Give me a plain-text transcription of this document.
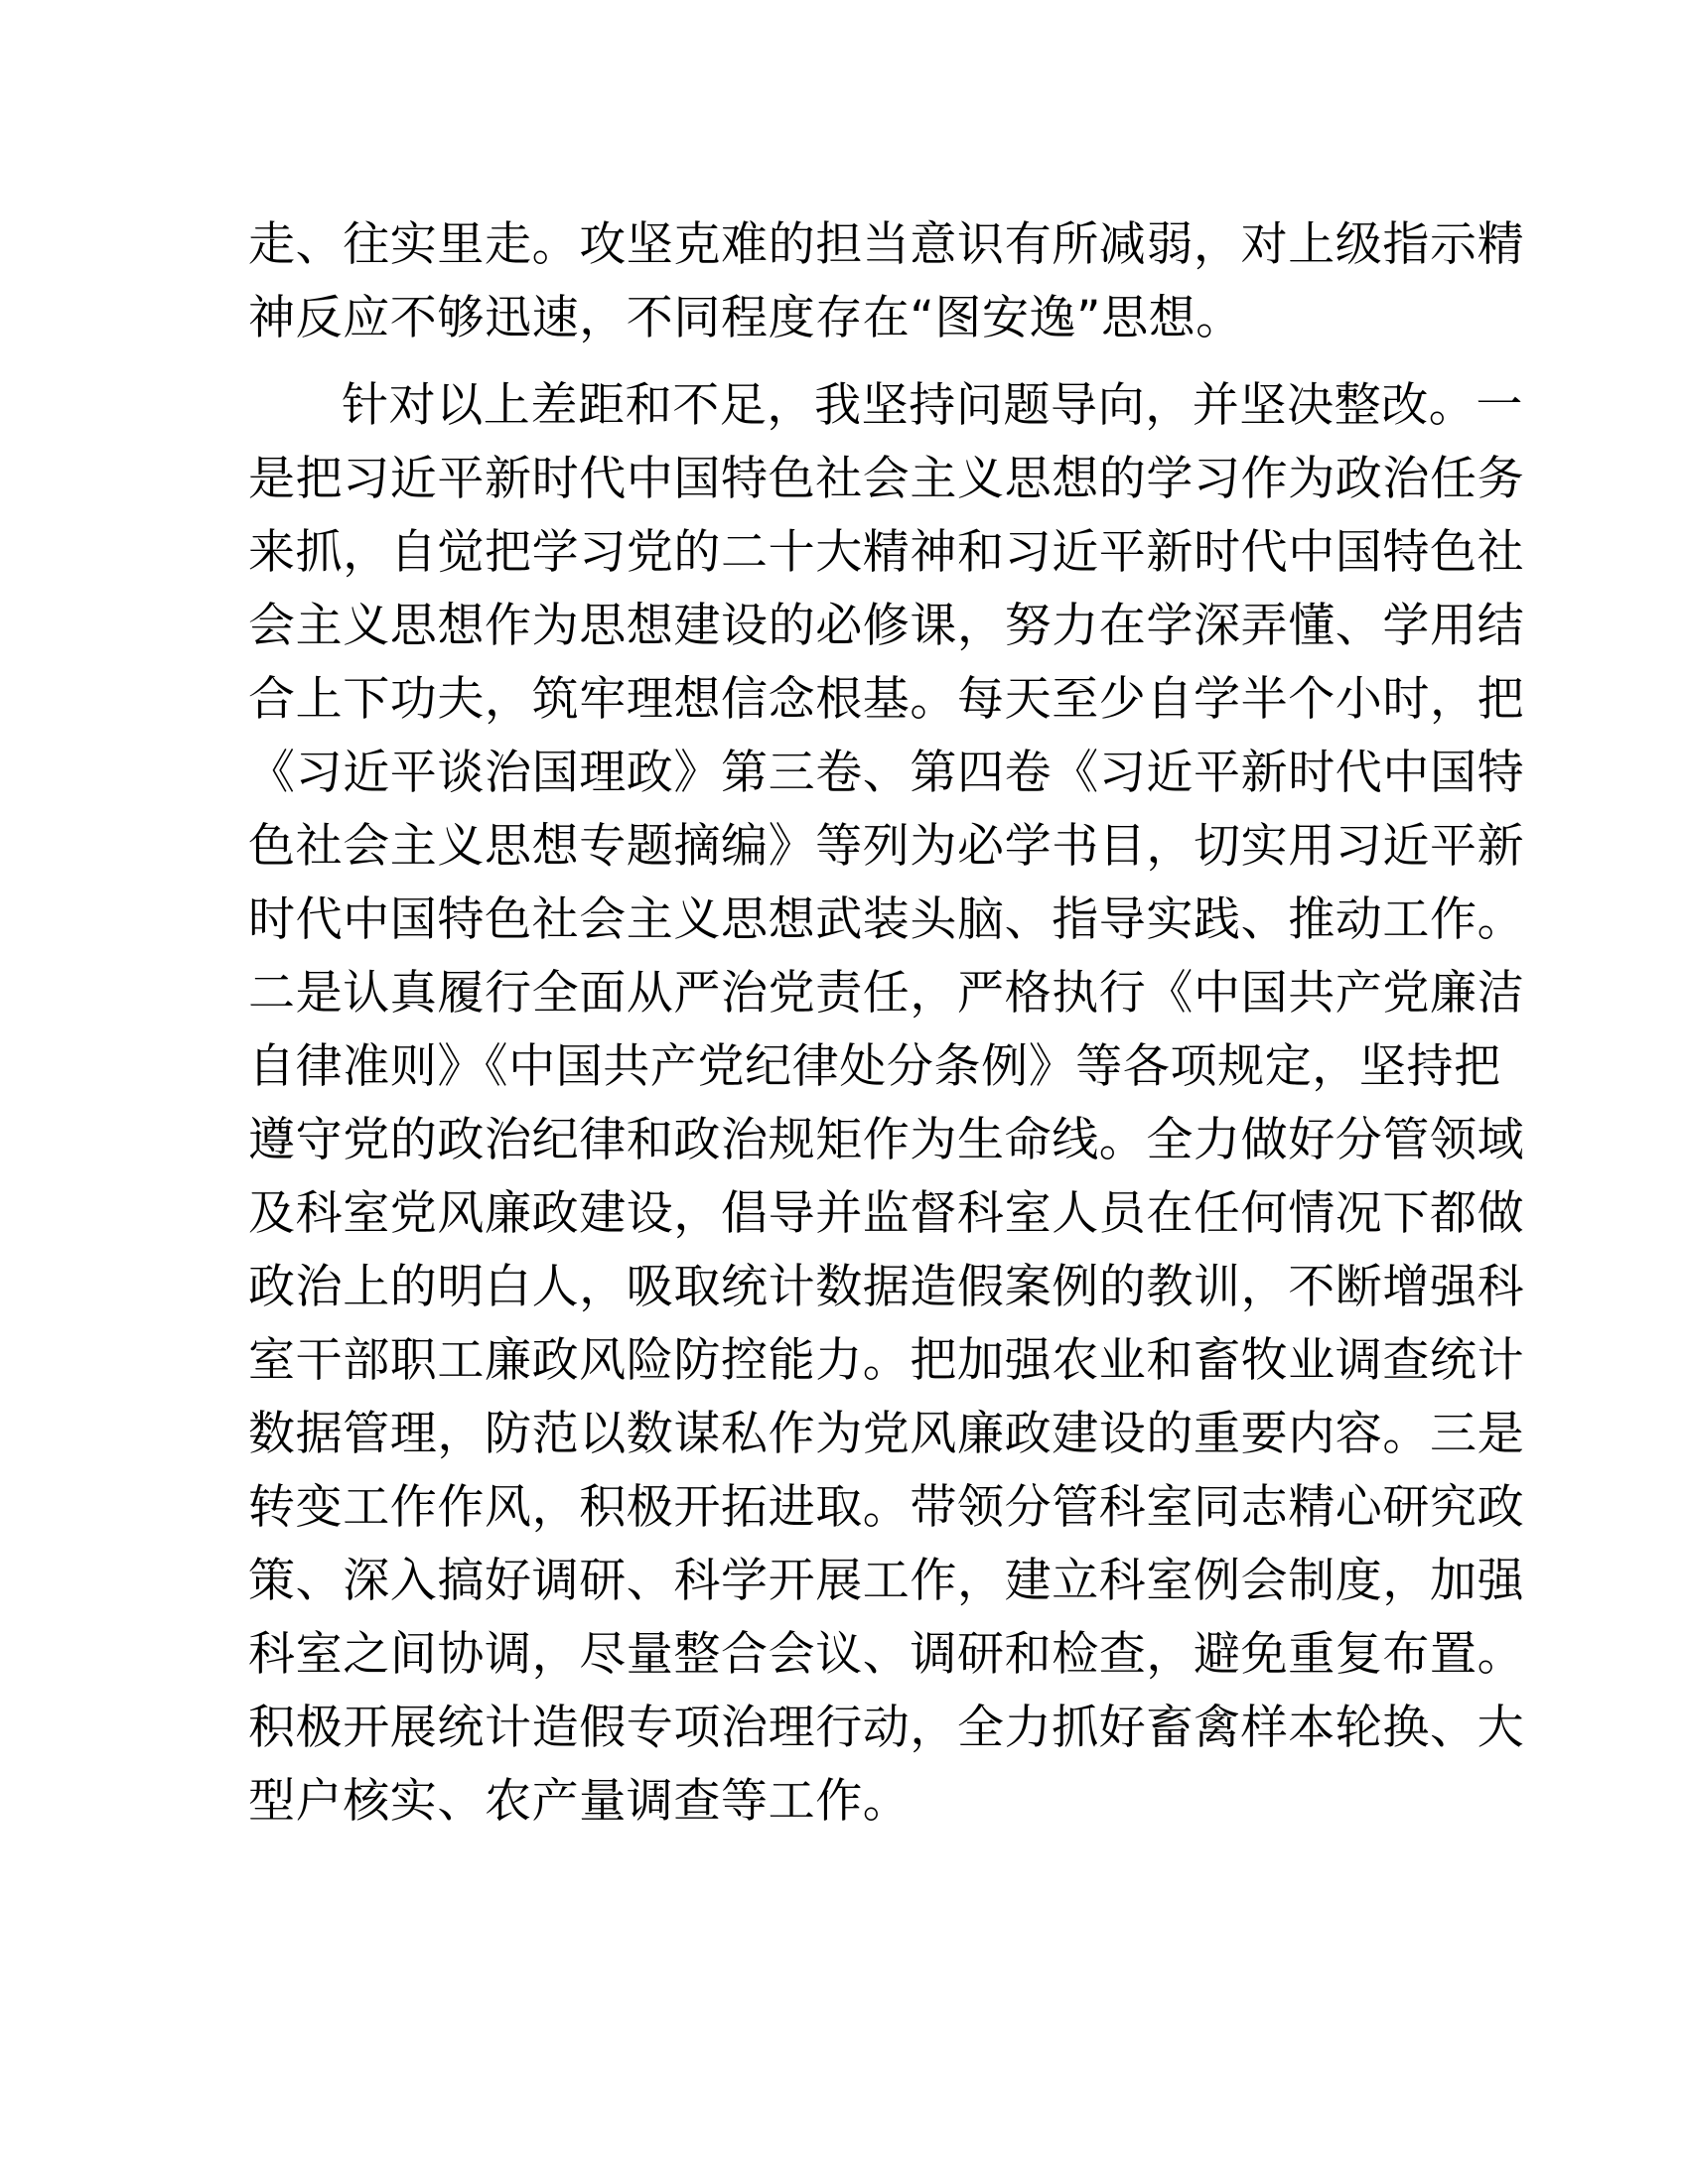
走、往实里走。攻坚克难的担当意识有所减弱，对上级指示精
神反应不够迅速，不同程度存在“图安逸”思想。
针对以上差距和不足，我坚持问题导向，并坚决整改。一
是把习近平新时代中国特色社会主义思想的学习作为政治任务
来抓，自觉把学习党的二十大精神和习近平新时代中国特色社
会主义思想作为思想建设的必修课，努力在学深弄懂、学用结
合上下功夫，筑牢理想信念根基。每天至少自学半个小时，把
《习近平谈治国理政》第三卷、第四卷《习近平新时代中国特
色社会主义思想专题摘编》等列为必学书目，切实用习近平新
时代中国特色社会主义思想武装头脑、指导实践、推动工作。
二是认真履行全面从严治党责任，严格执行《中国共产党廉洁
自律准则》《中国共产党纪律处分条例》等各项规定，坚持把
遵守党的政治纪律和政治规矩作为生命线。全力做好分管领域
及科室党风廉政建设，倡导并监督科室人员在任何情况下都做
政治上的明白人，吸取统计数据造假案例的教训，不断增强科
室干部职工廉政风险防控能力。把加强农业和畜牧业调查统计
数据管理，防范以数谋私作为党风廉政建设的重要内容。三是
转变工作作风，积极开拓进取。带领分管科室同志精心研究政
策、深入搞好调研、科学开展工作，建立科室例会制度，加强
科室之间协调，尽量整合会议、调研和检查，避免重复布置。
积极开展统计造假专项治理行动，全力抓好畜禽样本轮换、大
型户核实、农产量调查等工作。
